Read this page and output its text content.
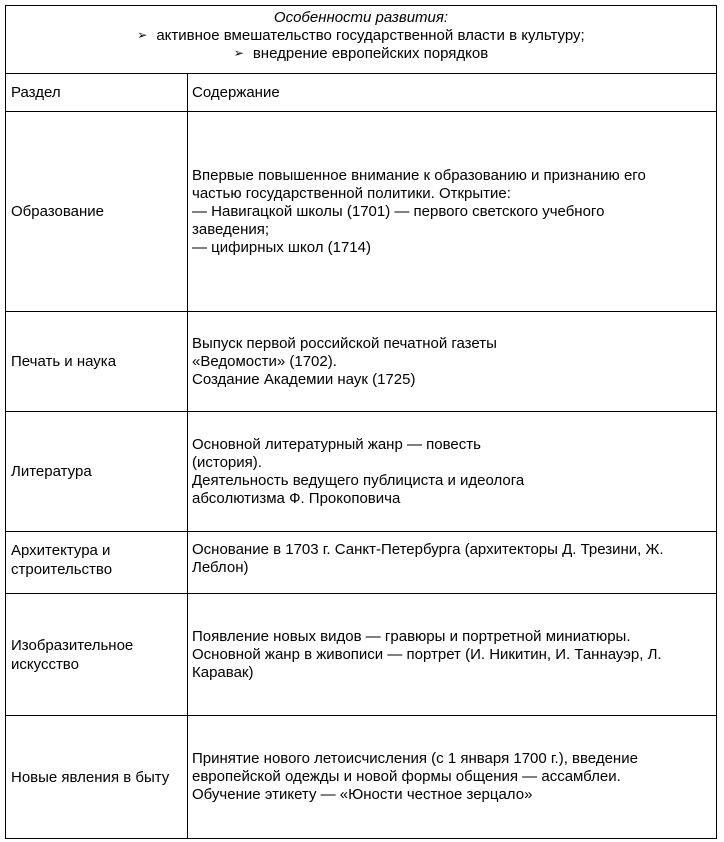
Особенности развития:
➢ активное вмешательство государственной власти в культуру;
➢ внедрение европейских порядков
Раздел	Содержание
Образование
Впервые повышенное внимание к образованию и признанию его
частью государственной политики. Открытие:
— Навигацкой школы (1701) — первого светского учебного
заведения;
— цифирных школ (1714)
Печать и наука
Выпуск первой российской печатной газеты
«Ведомости» (1702).
Создание Академии наук (1725)
Литература
Основной литературный жанр — повесть
(история).
Деятельность ведущего публициста и идеолога
абсолютизма Ф. Прокоповича
Архитектура и
строительство
Основание в 1703 г. Санкт-Петербурга (архитекторы Д. Трезини, Ж.
Леблон)
Изобразительное
искусство
Появление новых видов — гравюры и портретной миниатюры.
Основной жанр в живописи — портрет (И. Никитин, И. Таннауэр, Л.
Каравак)
Новые явления в быту
Принятие нового летоисчисления (с 1 января 1700 г.), введение
европейской одежды и новой формы общения — ассамблеи.
Обучение этикету — «Юности честное зерцало»
